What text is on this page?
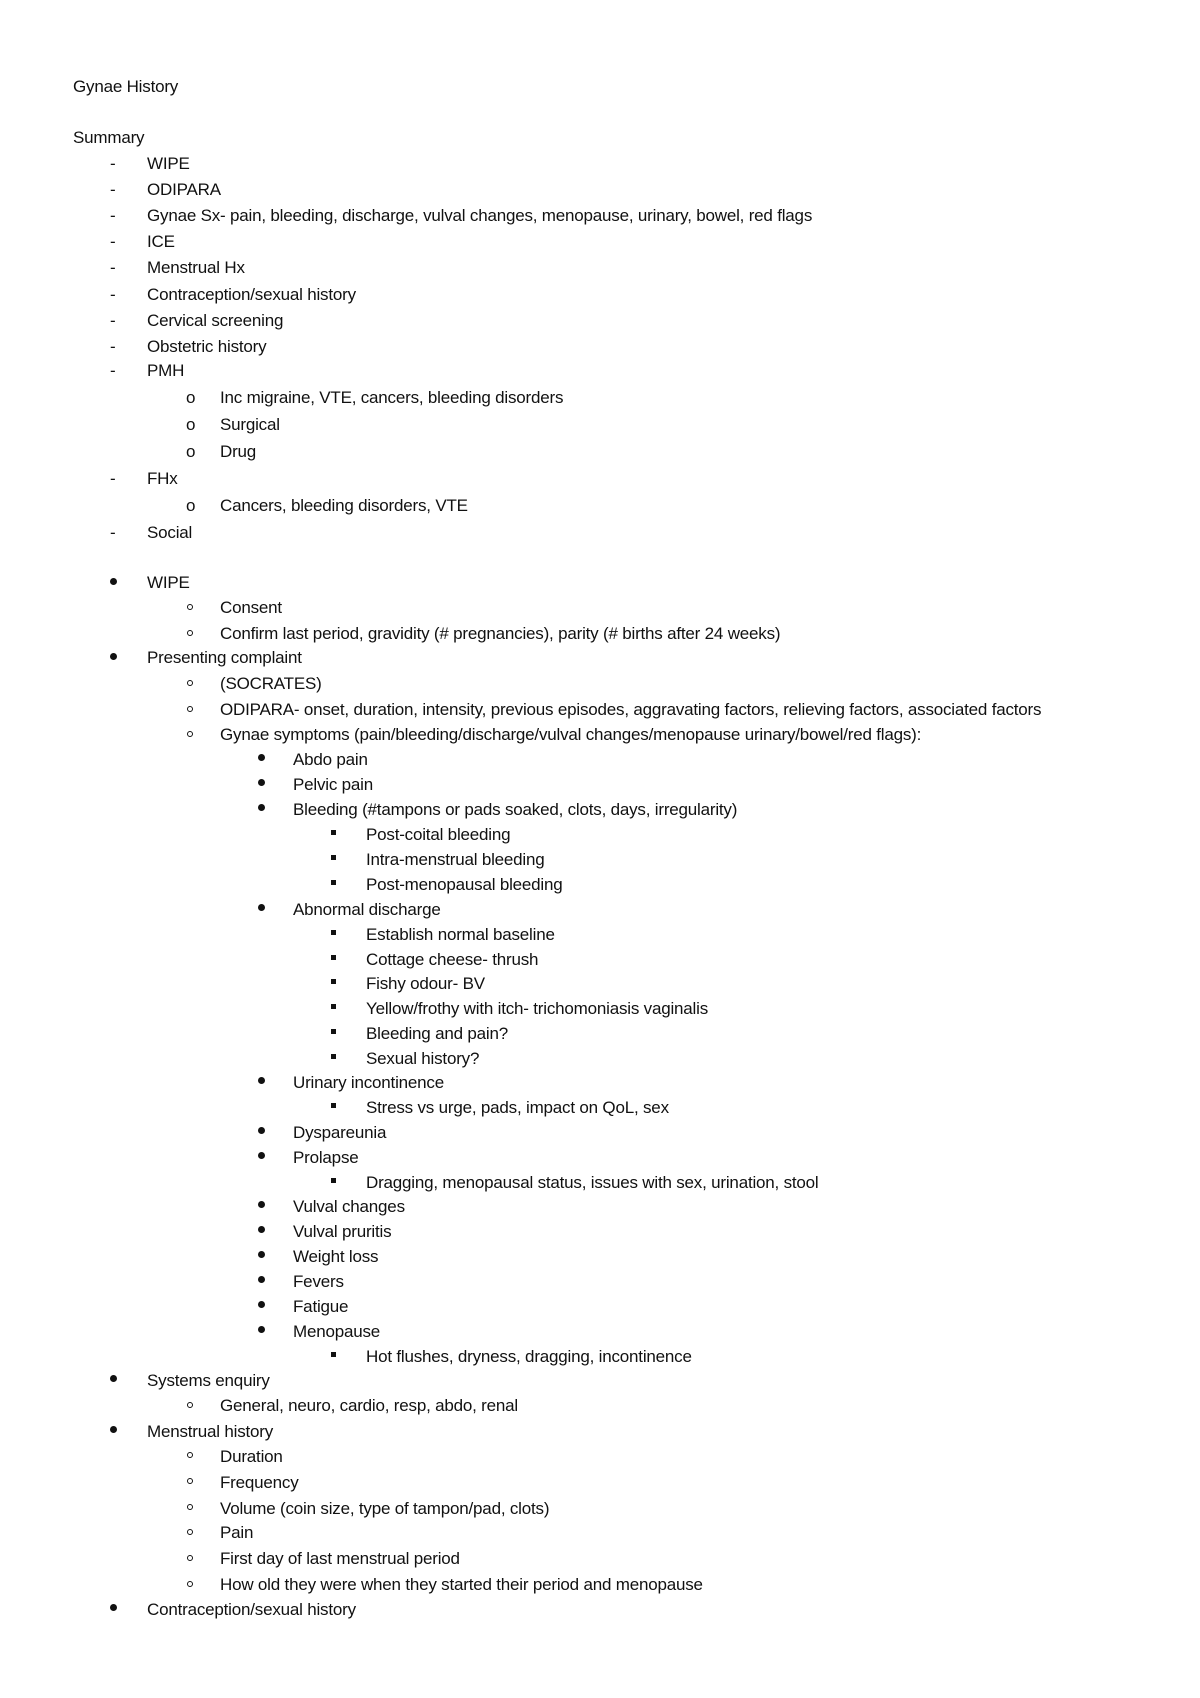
Gynae History
Summary
- WIPE
- ODIPARA
- Gynae Sx- pain, bleeding, discharge, vulval changes, menopause, urinary, bowel, red flags
- ICE
- Menstrual Hx
- Contraception/sexual history
- Cervical screening
- Obstetric history
- PMH
o Inc migraine, VTE, cancers, bleeding disorders
o Surgical
o Drug
- FHx
o Cancers, bleeding disorders, VTE
- Social
WIPE
Consent
Confirm last period, gravidity (# pregnancies), parity (# births after 24 weeks)
Presenting complaint
(SOCRATES)
ODIPARA- onset, duration, intensity, previous episodes, aggravating factors, relieving factors, associated factors
Gynae symptoms (pain/bleeding/discharge/vulval changes/menopause urinary/bowel/red flags):
Abdo pain
Pelvic pain
Bleeding (#tampons or pads soaked, clots, days, irregularity)
Post-coital bleeding
Intra-menstrual bleeding
Post-menopausal bleeding
Abnormal discharge
Establish normal baseline
Cottage cheese- thrush
Fishy odour- BV
Yellow/frothy with itch- trichomoniasis vaginalis
Bleeding and pain?
Sexual history?
Urinary incontinence
Stress vs urge, pads, impact on QoL, sex
Dyspareunia
Prolapse
Dragging, menopausal status, issues with sex, urination, stool
Vulval changes
Vulval pruritis
Weight loss
Fevers
Fatigue
Menopause
Hot flushes, dryness, dragging, incontinence
Systems enquiry
General, neuro, cardio, resp, abdo, renal
Menstrual history
Duration
Frequency
Volume (coin size, type of tampon/pad, clots)
Pain
First day of last menstrual period
How old they were when they started their period and menopause
Contraception/sexual history
